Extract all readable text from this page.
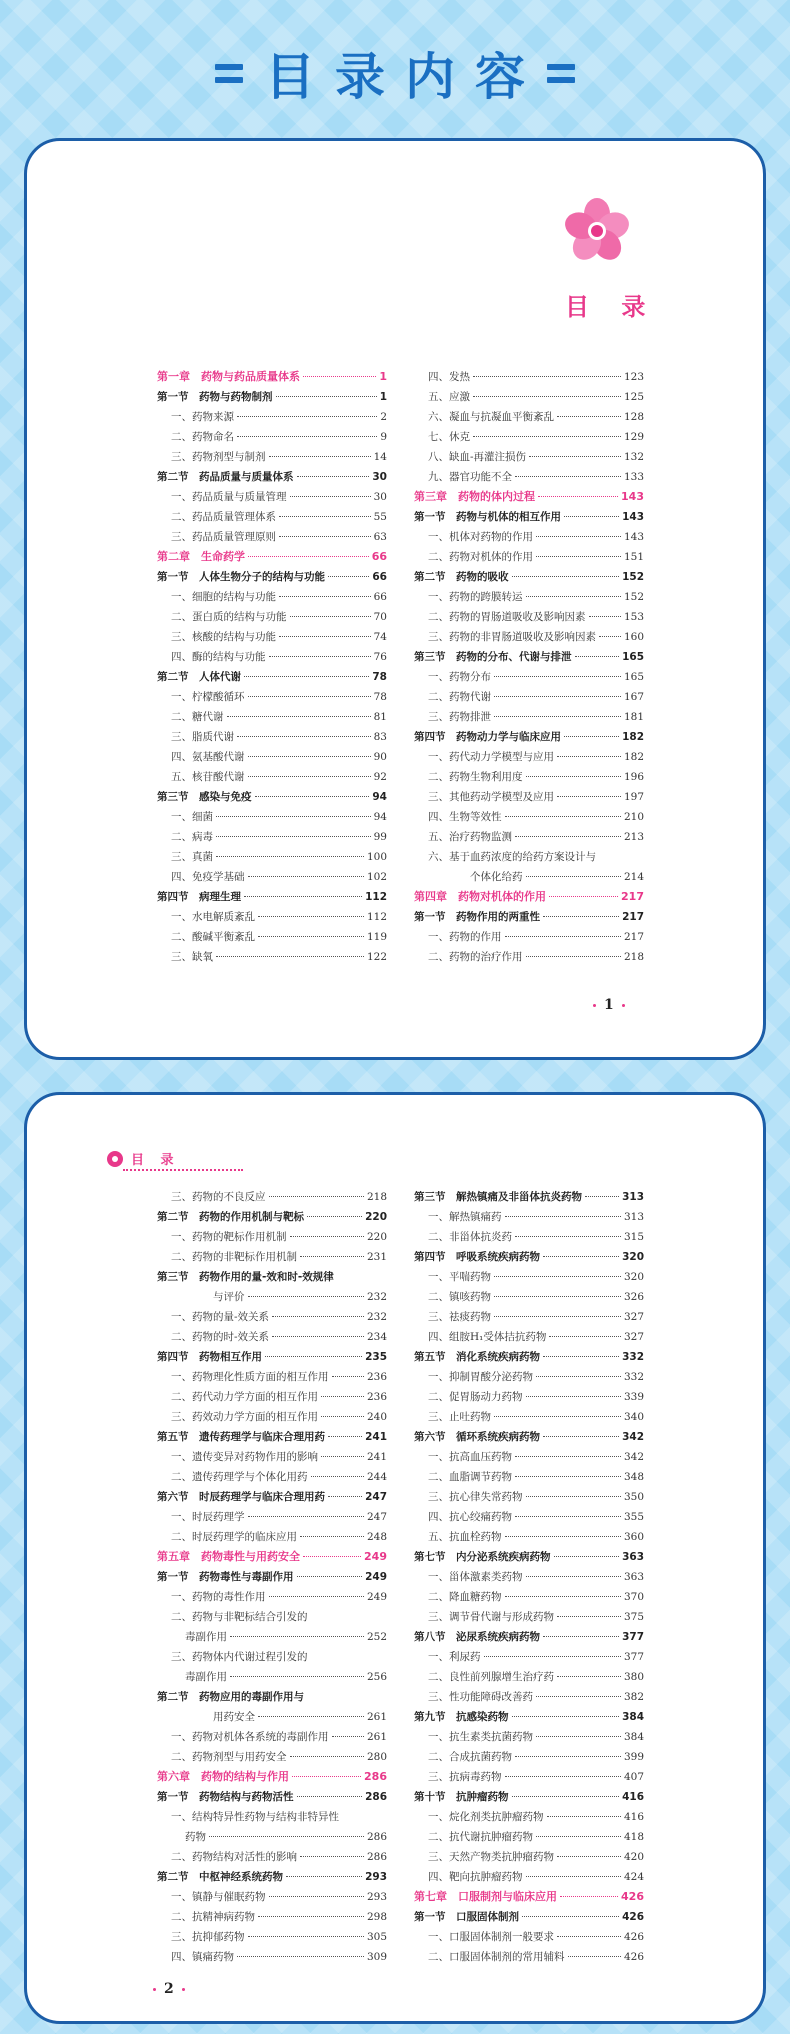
目录内容
目 录
第一章　药物与药品质量体系	1
第一节　药物与药物制剂	1
一、药物来源	2
二、药物命名	9
三、药物剂型与制剂	14
第二节　药品质量与质量体系	30
一、药品质量与质量管理	30
二、药品质量管理体系	55
三、药品质量管理原则	63
第二章　生命药学	66
第一节　人体生物分子的结构与功能	66
一、细胞的结构与功能	66
二、蛋白质的结构与功能	70
三、核酸的结构与功能	74
四、酶的结构与功能	76
第二节　人体代谢	78
一、柠檬酸循环	78
二、糖代谢	81
三、脂质代谢	83
四、氨基酸代谢	90
五、核苷酸代谢	92
第三节　感染与免疫	94
一、细菌	94
二、病毒	99
三、真菌	100
四、免疫学基础	102
第四节　病理生理	112
一、水电解质紊乱	112
二、酸碱平衡紊乱	119
三、缺氧	122
四、发热	123
五、应激	125
六、凝血与抗凝血平衡紊乱	128
七、休克	129
八、缺血-再灌注损伤	132
九、器官功能不全	133
第三章　药物的体内过程	143
第一节　药物与机体的相互作用	143
一、机体对药物的作用	143
二、药物对机体的作用	151
第二节　药物的吸收	152
一、药物的跨膜转运	152
二、药物的胃肠道吸收及影响因素	153
三、药物的非胃肠道吸收及影响因素	160
第三节　药物的分布、代谢与排泄	165
一、药物分布	165
二、药物代谢	167
三、药物排泄	181
第四节　药物动力学与临床应用	182
一、药代动力学模型与应用	182
二、药物生物利用度	196
三、其他药动学模型及应用	197
四、生物等效性	210
五、治疗药物监测	213
六、基于血药浓度的给药方案设计与
个体化给药	214
第四章　药物对机体的作用	217
第一节　药物作用的两重性	217
一、药物的作用	217
二、药物的治疗作用	218
1
目 录
三、药物的不良反应	218
第二节　药物的作用机制与靶标	220
一、药物的靶标作用机制	220
二、药物的非靶标作用机制	231
第三节　药物作用的量-效和时-效规律
与评价	232
一、药物的量-效关系	232
二、药物的时-效关系	234
第四节　药物相互作用	235
一、药物理化性质方面的相互作用	236
二、药代动力学方面的相互作用	236
三、药效动力学方面的相互作用	240
第五节　遗传药理学与临床合理用药	241
一、遗传变异对药物作用的影响	241
二、遗传药理学与个体化用药	244
第六节　时辰药理学与临床合理用药	247
一、时辰药理学	247
二、时辰药理学的临床应用	248
第五章　药物毒性与用药安全	249
第一节　药物毒性与毒副作用	249
一、药物的毒性作用	249
二、药物与非靶标结合引发的
毒副作用	252
三、药物体内代谢过程引发的
毒副作用	256
第二节　药物应用的毒副作用与
用药安全	261
一、药物对机体各系统的毒副作用	261
二、药物剂型与用药安全	280
第六章　药物的结构与作用	286
第一节　药物结构与药物活性	286
一、结构特异性药物与结构非特异性
药物	286
二、药物结构对活性的影响	286
第二节　中枢神经系统药物	293
一、镇静与催眠药物	293
二、抗精神病药物	298
三、抗抑郁药物	305
四、镇痛药物	309
第三节　解热镇痛及非甾体抗炎药物	313
一、解热镇痛药	313
二、非甾体抗炎药	315
第四节　呼吸系统疾病药物	320
一、平喘药物	320
二、镇咳药物	326
三、祛痰药物	327
四、组胺H₁受体拮抗药物	327
第五节　消化系统疾病药物	332
一、抑制胃酸分泌药物	332
二、促胃肠动力药物	339
三、止吐药物	340
第六节　循环系统疾病药物	342
一、抗高血压药物	342
二、血脂调节药物	348
三、抗心律失常药物	350
四、抗心绞痛药物	355
五、抗血栓药物	360
第七节　内分泌系统疾病药物	363
一、甾体激素类药物	363
二、降血糖药物	370
三、调节骨代谢与形成药物	375
第八节　泌尿系统疾病药物	377
一、利尿药	377
二、良性前列腺增生治疗药	380
三、性功能障碍改善药	382
第九节　抗感染药物	384
一、抗生素类抗菌药物	384
二、合成抗菌药物	399
三、抗病毒药物	407
第十节　抗肿瘤药物	416
一、烷化剂类抗肿瘤药物	416
二、抗代谢抗肿瘤药物	418
三、天然产物类抗肿瘤药物	420
四、靶向抗肿瘤药物	424
第七章　口服制剂与临床应用	426
第一节　口服固体制剂	426
一、口服固体制剂一般要求	426
二、口服固体制剂的常用辅料	426
2
